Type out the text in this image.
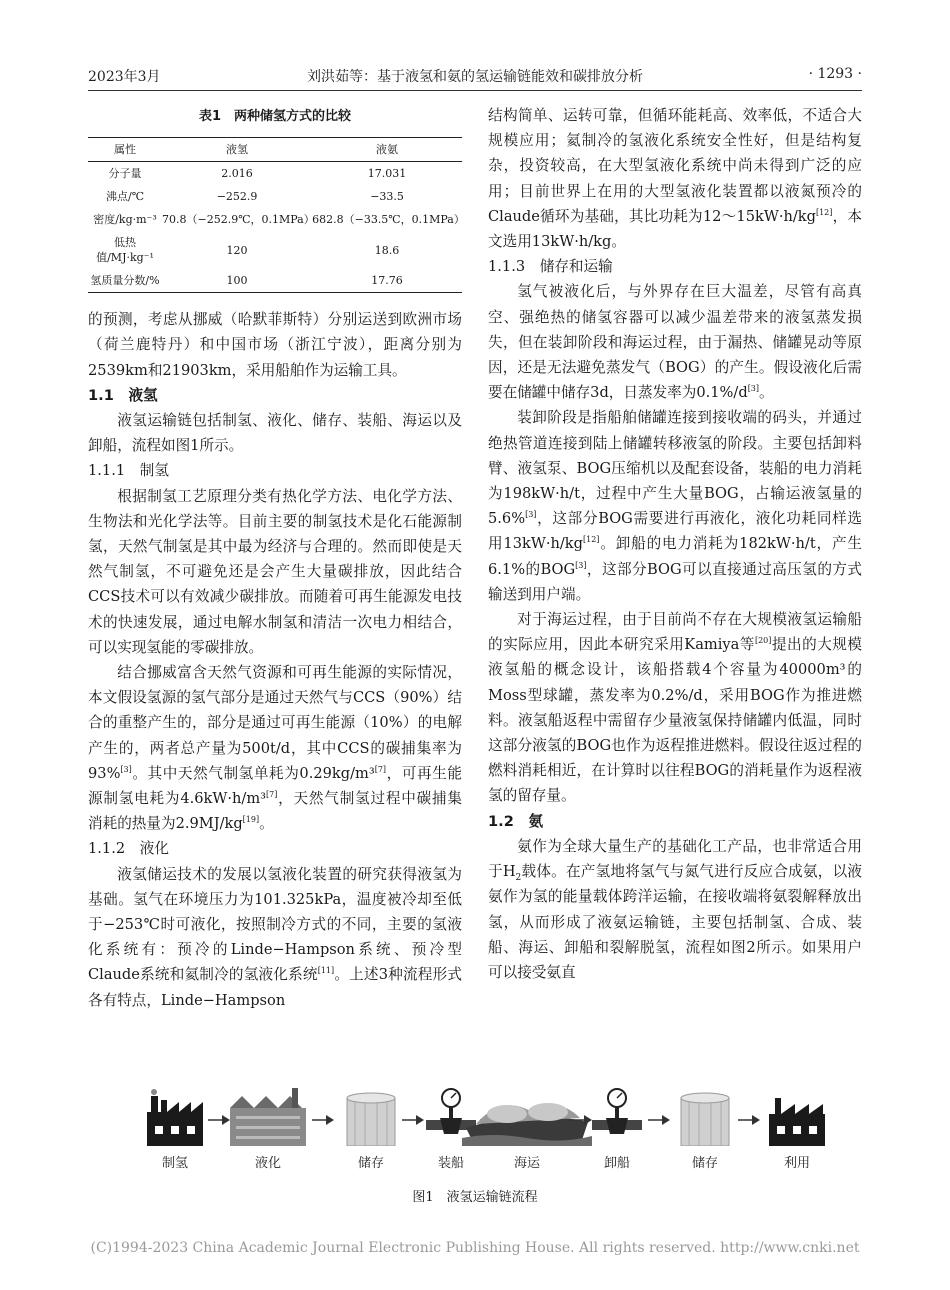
2023年3月	刘洪茹等：基于液氢和氨的氢运输链能效和碳排放分析	· 1293 ·
表1　两种储氢方式的比较
属性	液氢	液氨
分子量	2.016	17.031
沸点/℃	−252.9	−33.5
密度/kg·m⁻³	70.8（−252.9℃，0.1MPa）	682.8（−33.5℃，0.1MPa）
低热值/MJ·kg⁻¹	120	18.6
氢质量分数/%	100	17.76

的预测，考虑从挪威（哈默菲斯特）分别运送到欧洲市场（荷兰鹿特丹）和中国市场（浙江宁波），距离分别为2539km和21903km，采用船舶作为运输工具。

1.1　液氢

液氢运输链包括制氢、液化、储存、装船、海运以及卸船，流程如图1所示。

1.1.1　制氢

根据制氢工艺原理分类有热化学方法、电化学方法、生物法和光化学法等。目前主要的制氢技术是化石能源制氢，天然气制氢是其中最为经济与合理的。然而即使是天然气制氢，不可避免还是会产生大量碳排放，因此结合CCS技术可以有效减少碳排放。而随着可再生能源发电技术的快速发展，通过电解水制氢和清洁一次电力相结合，可以实现氢能的零碳排放。

结合挪威富含天然气资源和可再生能源的实际情况，本文假设氢源的氢气部分是通过天然气与CCS（90%）结合的重整产生的，部分是通过可再生能源（10%）的电解产生的，两者总产量为500t/d，其中CCS的碳捕集率为93%[3]。其中天然气制氢单耗为0.29kg/m³[7]，可再生能源制氢电耗为4.6kW·h/m³[7]，天然气制氢过程中碳捕集消耗的热量为2.9MJ/kg[19]。

1.1.2　液化

液氢储运技术的发展以氢液化装置的研究获得液氢为基础。氢气在环境压力为101.325kPa，温度被冷却至低于−253℃时可液化，按照制冷方式的不同，主要的氢液化系统有：预冷的Linde−Hampson系统、预冷型Claude系统和氦制冷的氢液化系统[11]。上述3种流程形式各有特点，Linde−Hampson

结构简单、运转可靠，但循环能耗高、效率低，不适合大规模应用；氦制冷的氢液化系统安全性好，但是结构复杂，投资较高，在大型氢液化系统中尚未得到广泛的应用；目前世界上在用的大型氢液化装置都以液氮预冷的Claude循环为基础，其比功耗为12～15kW·h/kg[12]，本文选用13kW·h/kg。

1.1.3　储存和运输

氢气被液化后，与外界存在巨大温差，尽管有高真空、强绝热的储氢容器可以减少温差带来的液氢蒸发损失，但在装卸阶段和海运过程，由于漏热、储罐晃动等原因，还是无法避免蒸发气（BOG）的产生。假设液化后需要在储罐中储存3d，日蒸发率为0.1%/d[3]。

装卸阶段是指船舶储罐连接到接收端的码头，并通过绝热管道连接到陆上储罐转移液氢的阶段。主要包括卸料臂、液氢泵、BOG压缩机以及配套设备，装船的电力消耗为198kW·h/t，过程中产生大量BOG，占输运液氢量的5.6%[3]，这部分BOG需要进行再液化，液化功耗同样选用13kW·h/kg[12]。卸船的电力消耗为182kW·h/t，产生6.1%的BOG[3]，这部分BOG可以直接通过高压氢的方式输送到用户端。

对于海运过程，由于目前尚不存在大规模液氢运输船的实际应用，因此本研究采用Kamiya等[20]提出的大规模液氢船的概念设计，该船搭载4个容量为40000m³的Moss型球罐，蒸发率为0.2%/d，采用BOG作为推进燃料。液氢船返程中需留存少量液氢保持储罐内低温，同时这部分液氢的BOG也作为返程推进燃料。假设往返过程的燃料消耗相近，在计算时以往程BOG的消耗量作为返程液氢的留存量。

1.2　氨

氨作为全球大量生产的基础化工产品，也非常适合用于$H_2$载体。在产氢地将氢气与氮气进行反应合成氨，以液氨作为氢的能量载体跨洋运输，在接收端将氨裂解释放出氢，从而形成了液氨运输链，主要包括制氢、合成、装船、海运、卸船和裂解脱氢，流程如图2所示。如果用户可以接受氨直

制氢	液化	储存	装船	海运	卸船	储存	利用
图1　液氢运输链流程
(C)1994-2023 China Academic Journal Electronic Publishing House. All rights reserved. http://www.cnki.net
